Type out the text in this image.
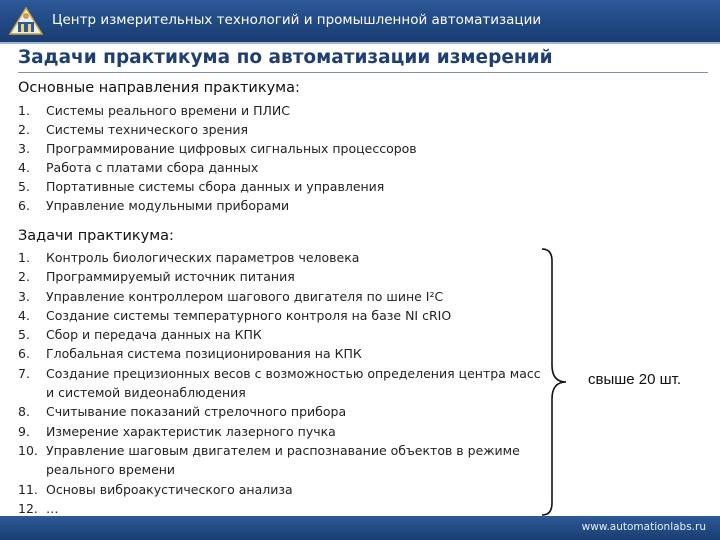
Центр измерительных технологий и промышленной автоматизации
Задачи практикума по автоматизации измерений
Основные направления практикума:
1. Системы реального времени и ПЛИС
2. Системы технического зрения
3. Программирование цифровых сигнальных процессоров
4. Работа с платами сбора данных
5. Портативные системы сбора данных и управления
6. Управление модульными приборами
Задачи практикума:
1. Контроль биологических параметров человека
2. Программируемый источник питания
3. Управление контроллером шагового двигателя по шине I²C
4. Создание системы температурного контроля на базе NI cRIO
5. Сбор и передача данных на КПК
6. Глобальная система позиционирования на КПК
7. Создание прецизионных весов с возможностью определения центра масс и системой видеонаблюдения
8. Считывание показаний стрелочного прибора
9. Измерение характеристик лазерного пучка
10. Управление шаговым двигателем и распознавание объектов в режиме реального времени
11. Основы виброакустического анализа
12. …
свыше 20 шт.
www.automationlabs.ru
